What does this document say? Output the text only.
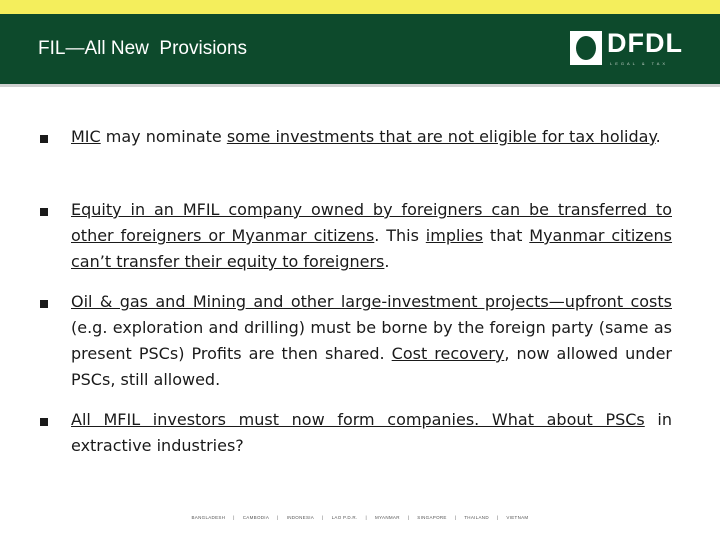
FIL—All New  Provisions	DFDL
LEGAL & TAX
MIC may nominate some investments that are not eligible for tax holiday.
Equity in an MFIL company owned by foreigners can be transferred to other foreigners or Myanmar citizens. This implies that Myanmar citizens can’t transfer their equity to foreigners.
Oil & gas and Mining and other large-investment projects—upfront costs (e.g. exploration and drilling) must be borne by the foreign party (same as present PSCs) Profits are then shared. Cost recovery, now allowed under PSCs, still allowed.
All MFIL investors must now form companies. What about PSCs in extractive industries?
BANGLADESH | CAMBODIA | INDONESIA | LAO P.D.R. | MYANMAR | SINGAPORE | THAILAND | VIETNAM
